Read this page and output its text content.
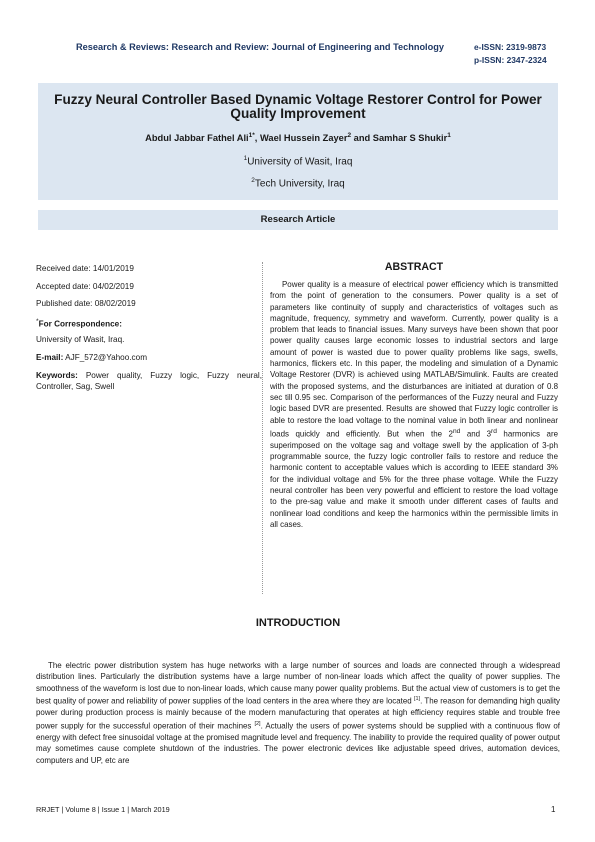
Research & Reviews: Research and Review: Journal of Engineering and Technology	e-ISSN: 2319-9873
p-ISSN: 2347-2324
Fuzzy Neural Controller Based Dynamic Voltage Restorer Control for Power Quality Improvement
Abdul Jabbar Fathel Ali$^{1*}$, Wael Hussein Zayer$^2$ and Samhar S Shukir$^1$
$^1$University of Wasit, Iraq
$^2$Tech University, Iraq
Research Article
Received date: 14/01/2019
Accepted date: 04/02/2019
Published date: 08/02/2019
*For Correspondence:
University of Wasit, Iraq.
E-mail: AJF_572@Yahoo.com
Keywords: Power quality, Fuzzy logic, Fuzzy neural, Controller, Sag, Swell
ABSTRACT

Power quality is a measure of electrical power efficiency which is transmitted from the point of generation to the consumers. Power quality is a set of parameters like continuity of supply and characteristics of voltages such as magnitude, frequency, symmetry and waveform. Currently, power quality is a problem that leads to financial issues. Many surveys have been shown that poor power quality causes large economic losses to industrial sectors and large amount of power is wasted due to power quality problems like sags, swells, harmonics, flickers etc. In this paper, the modeling and simulation of a Dynamic Voltage Restorer (DVR) is achieved using MATLAB/Simulink. Faults are created with the proposed systems, and the disturbances are initiated at duration of 0.8 sec till 0.95 sec. Comparison of the performances of the Fuzzy neural and Fuzzy logic based DVR are presented. Results are showed that Fuzzy logic controller is able to restore the load voltage to the nominal value in both linear and nonlinear loads quickly and efficiently. But when the 2nd and 3rd harmonics are superimposed on the voltage sag and voltage swell by the application of 3-ph programmable source, the fuzzy logic controller fails to restore and reduce the harmonic content to acceptable values which is according to IEEE standard 3% for the individual voltage and 5% for the three phase voltage. While the Fuzzy neural controller has been very powerful and efficient to restore the load voltage to the pre-sag value and make it smooth under different cases of faults and nonlinear load conditions and keep the harmonics within the permissible limits in all cases.

INTRODUCTION

The electric power distribution system has huge networks with a large number of sources and loads are connected through a widespread distribution lines. Particularly the distribution systems have a large number of non-linear loads which affect the quality of power supplies. The smoothness of the waveform is lost due to non-linear loads, which cause many power quality problems. But the actual view of customers is to get the best quality of power and reliability of power supplies of the load centers in the area where they are located [1]. The reason for demanding high quality power during production process is mainly because of the modern manufacturing that operates at high efficiency requires stable and trouble free power supply for the successful operation of their machines [2]. Actually the users of power systems should be supplied with a continuous flow of energy with defect free sinusoidal voltage at the promised magnitude level and frequency. The inability to provide the required quality of power output may sometimes cause complete shutdown of the industries. The power electronic devices like adjustable speed drives, automation devices, computers and UP, etc are

RRJET | Volume 8 | Issue 1 | March 2019	1
